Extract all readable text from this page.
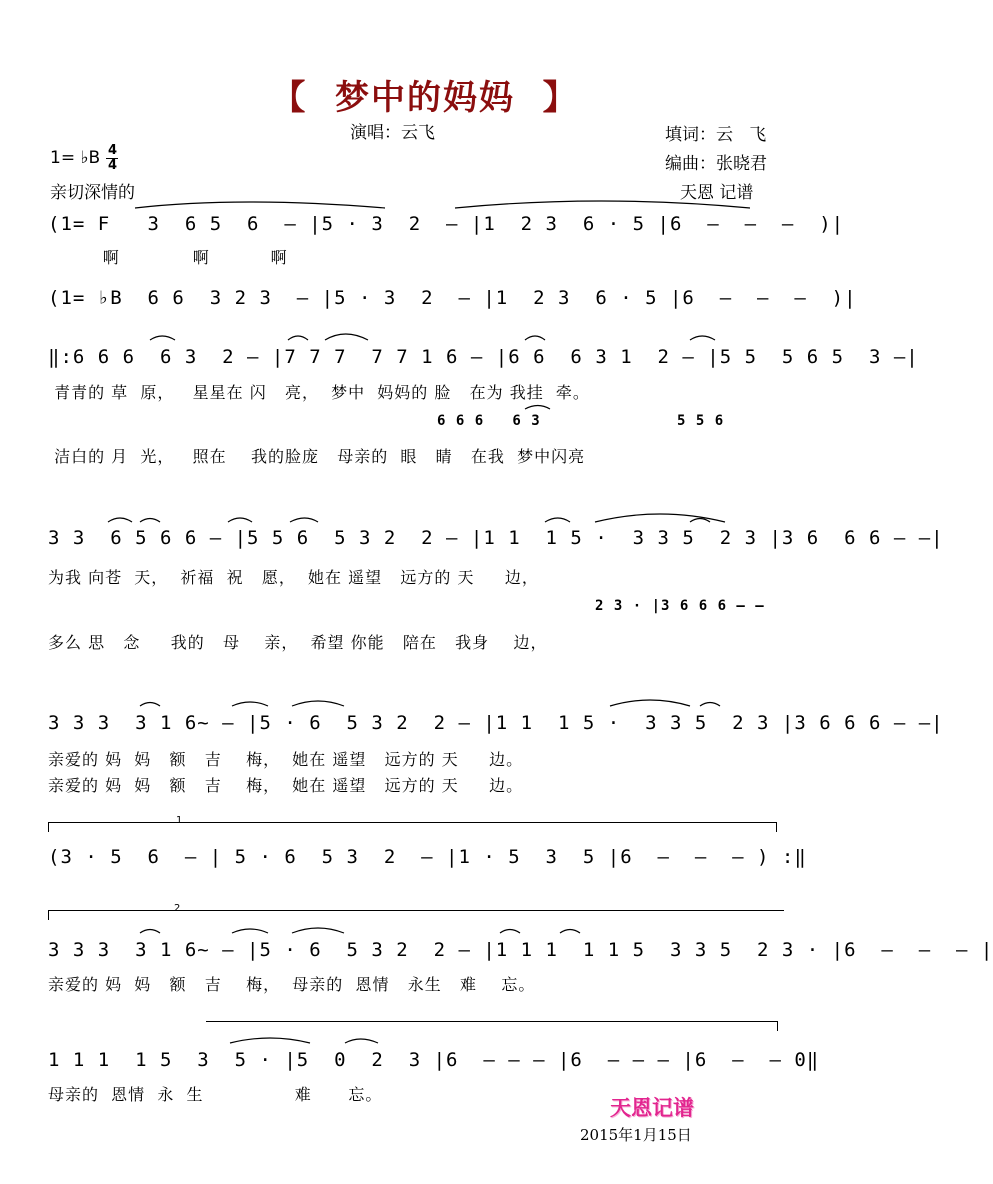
【  梦中的妈妈  】
演唱：云飞	填词：云   飞
编曲：张晓君
天恩 记谱
1= ♭B 4
4
亲切深情的
(1= F   3  6 5  6  – |5 · 3  2  – |1  2 3  6 · 5 |6  –  –  –  )|
啊            啊          啊
(1= ♭B  6 6  3 2 3  – |5 · 3  2  – |1  2 3  6 · 5 |6  –  –  –  )|
‖:6 6 6  6 3  2 – |7 7 7  7 7 1 6 – |6 6  6 3 1  2 – |5 5  5 6 5  3 –|
青青的 草  原，   星星在 闪   亮，  梦中  妈妈的 脸   在为 我挂  牵。
6 6 6   6 3	5 5 6
洁白的 月  光，   照在    我的脸庞   母亲的  眼   睛   在我  梦中闪亮
3 3  6 5 6 6 – |5 5 6  5 3 2  2 – |1 1  1 5 ·  3 3 5  2 3 |3 6  6 6 – –|
为我 向苍  天，  祈福  祝   愿，  她在 遥望   远方的 天     边，
2 3 · |3 6 6 6 – –
多么 思   念     我的   母    亲，  希望 你能   陪在   我身    边，
3 3 3  3 1 6~ – |5 · 6  5 3 2  2 – |1 1  1 5 ·  3 3 5  2 3 |3 6 6 6 – –|
亲爱的 妈  妈   额   吉    梅，  她在 遥望   远方的 天     边。
亲爱的 妈  妈   额   吉    梅，  她在 遥望   远方的 天     边。
1
(3 · 5  6  – | 5 · 6  5 3  2  – |1 · 5  3  5 |6  –  –  – ) :‖
2
3 3 3  3 1 6~ – |5 · 6  5 3 2  2 – |1 1 1  1 1 5  3 3 5  2 3 · |6  –  –  – |
亲爱的 妈  妈   额   吉    梅，  母亲的  恩情   永生   难    忘。
1 1 1  1 5  3  5 · |5  0  2  3 |6  – – – |6  – – – |6  –  – 0‖
母亲的  恩情  永  生               难      忘。
天恩记谱
2015年1月15日
